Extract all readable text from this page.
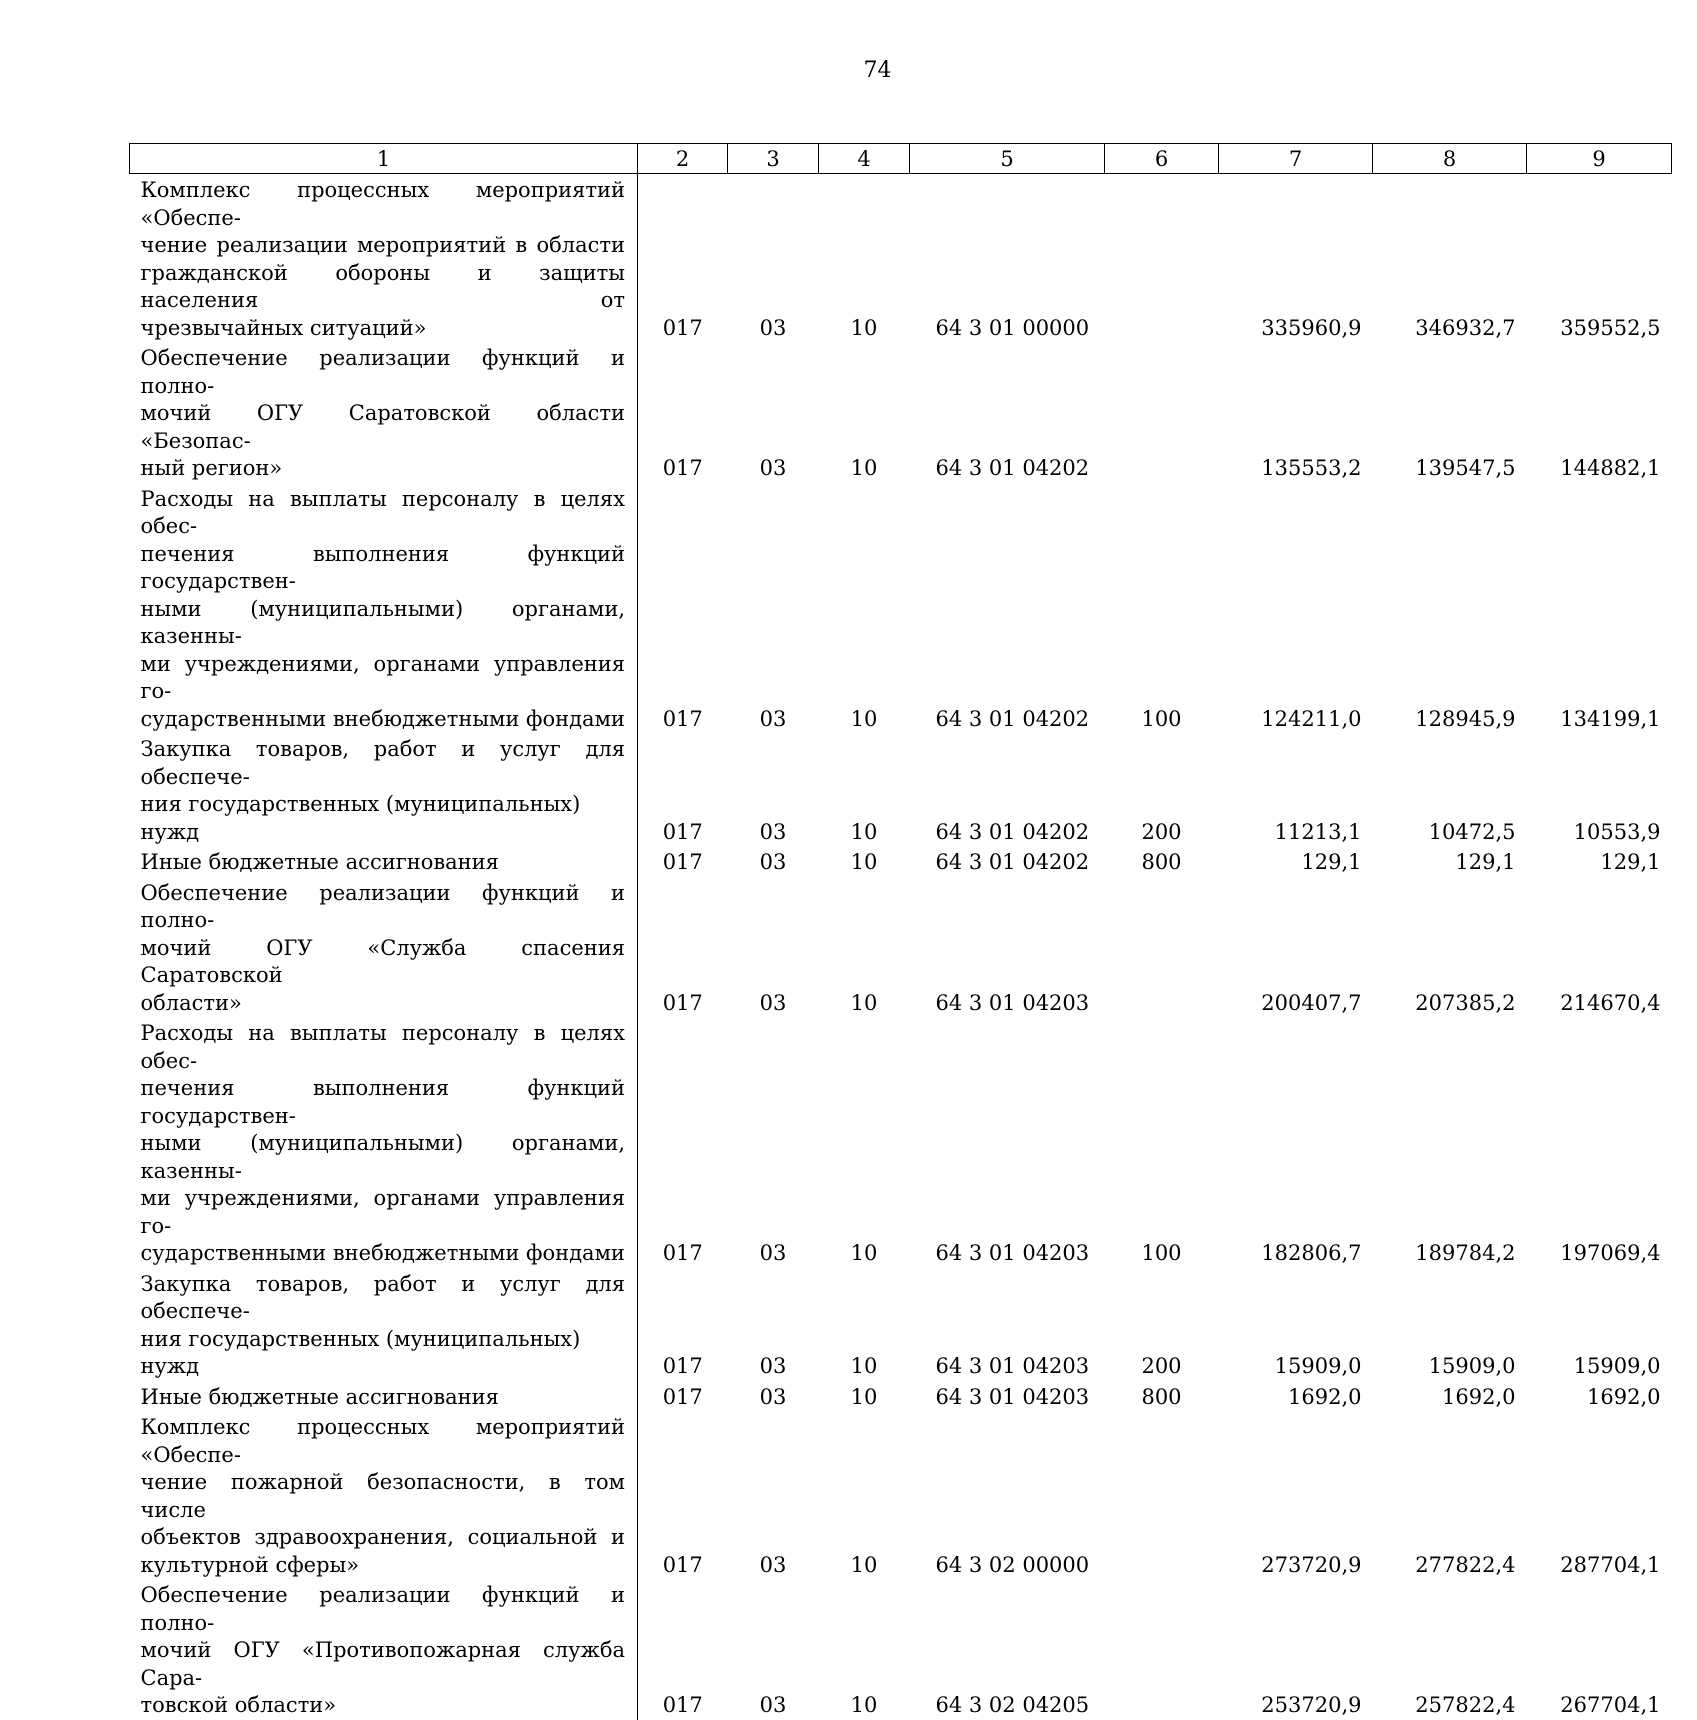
74
1	2	3	4	5	6	7	8	9

Комплекс процессных мероприятий «Обеспе-
чение реализации мероприятий в области
гражданской обороны и защиты населения от
чрезвычайных ситуаций»	017	03	10	64 3 01 00000		335960,9	346932,7	359552,5

Обеспечение реализации функций и полно-
мочий ОГУ Саратовской области «Безопас-
ный регион»	017	03	10	64 3 01 04202		135553,2	139547,5	144882,1

Расходы на выплаты персоналу в целях обес-
печения выполнения функций государствен-
ными (муниципальными) органами, казенны-
ми учреждениями, органами управления го-
сударственными внебюджетными фондами	017	03	10	64 3 01 04202	100	124211,0	128945,9	134199,1

Закупка товаров, работ и услуг для обеспече-
ния государственных (муниципальных) нужд	017	03	10	64 3 01 04202	200	11213,1	10472,5	10553,9

Иные бюджетные ассигнования	017	03	10	64 3 01 04202	800	129,1	129,1	129,1

Обеспечение реализации функций и полно-
мочий ОГУ «Служба спасения Саратовской
области»	017	03	10	64 3 01 04203		200407,7	207385,2	214670,4

Расходы на выплаты персоналу в целях обес-
печения выполнения функций государствен-
ными (муниципальными) органами, казенны-
ми учреждениями, органами управления го-
сударственными внебюджетными фондами	017	03	10	64 3 01 04203	100	182806,7	189784,2	197069,4

Закупка товаров, работ и услуг для обеспече-
ния государственных (муниципальных) нужд	017	03	10	64 3 01 04203	200	15909,0	15909,0	15909,0

Иные бюджетные ассигнования	017	03	10	64 3 01 04203	800	1692,0	1692,0	1692,0

Комплекс процессных мероприятий «Обеспе-
чение пожарной безопасности, в том числе
объектов здравоохранения, социальной и
культурной сферы»	017	03	10	64 3 02 00000		273720,9	277822,4	287704,1

Обеспечение реализации функций и полно-
мочий ОГУ «Противопожарная служба Сара-
товской области»	017	03	10	64 3 02 04205		253720,9	257822,4	267704,1
